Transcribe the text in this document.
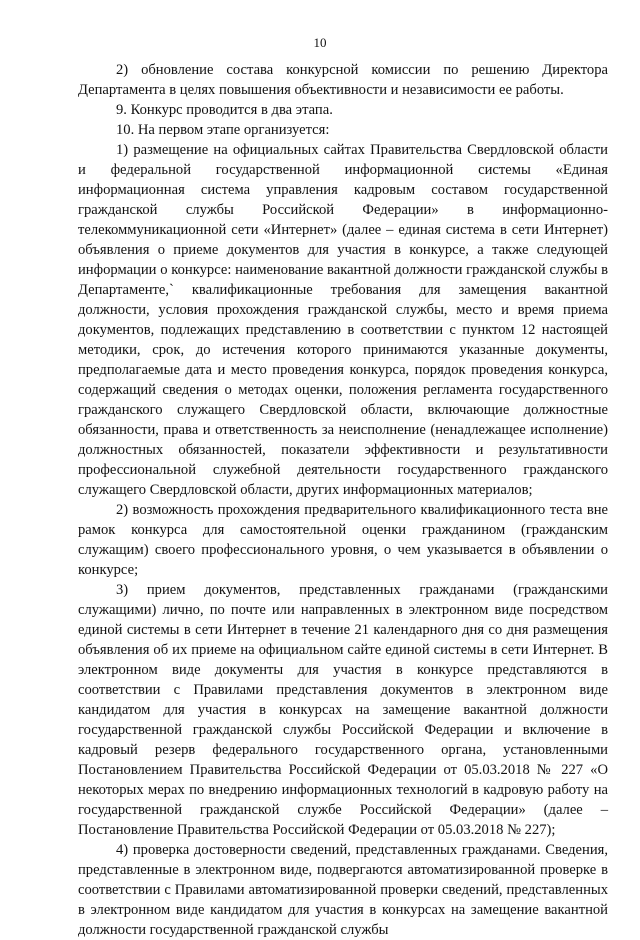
10

2) обновление состава конкурсной комиссии по решению Директора Департамента в целях повышения объективности и независимости ее работы.

9. Конкурс проводится в два этапа.

10. На первом этапе организуется:

1) размещение на официальных сайтах Правительства Свердловской области и федеральной государственной информационной системы «Единая информационная система управления кадровым составом государственной гражданской службы Российской Федерации» в информационно-телекоммуникационной сети «Интернет» (далее – единая система в сети Интернет) объявления о приеме документов для участия в конкурсе, а также следующей информации о конкурсе: наименование вакантной должности гражданской службы в Департаменте,` квалификационные требования для замещения вакантной должности, условия прохождения гражданской службы, место и время приема документов, подлежащих представлению в соответствии с пунктом 12 настоящей методики, срок, до истечения которого принимаются указанные документы, предполагаемые дата и место проведения конкурса, порядок проведения конкурса, содержащий сведения о методах оценки, положения регламента государственного гражданского служащего Свердловской области, включающие должностные обязанности, права и ответственность за неисполнение (ненадлежащее исполнение) должностных обязанностей, показатели эффективности и результативности профессиональной служебной деятельности государственного гражданского служащего Свердловской области, других информационных материалов;

2) возможность прохождения предварительного квалификационного теста вне рамок конкурса для самостоятельной оценки гражданином (гражданским служащим) своего профессионального уровня, о чем указывается в объявлении о конкурсе;

3) прием документов, представленных гражданами (гражданскими служащими) лично, по почте или направленных в электронном виде посредством единой системы в сети Интернет в течение 21 календарного дня со дня размещения объявления об их приеме на официальном сайте единой системы в сети Интернет. В электронном виде документы для участия в конкурсе представляются в соответствии с Правилами представления документов в электронном виде кандидатом для участия в конкурсах на замещение вакантной должности государственной гражданской службы Российской Федерации и включение в кадровый резерв федерального государственного органа, установленными Постановлением Правительства Российской Федерации от 05.03.2018 № 227 «О некоторых мерах по внедрению информационных технологий в кадровую работу на государственной гражданской службе Российской Федерации» (далее – Постановление Правительства Российской Федерации от 05.03.2018 № 227);

4) проверка достоверности сведений, представленных гражданами. Сведения, представленные в электронном виде, подвергаются автоматизированной проверке в соответствии с Правилами автоматизированной проверки сведений, представленных в электронном виде кандидатом для участия в конкурсах на замещение вакантной должности государственной гражданской службы
